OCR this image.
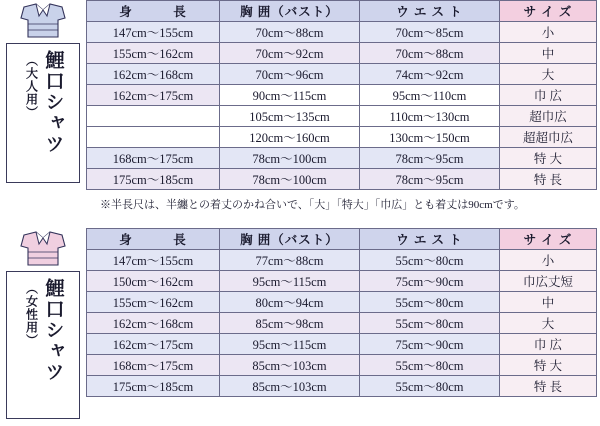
鯉口シャツ
（大人用）
身　　　長	胸 囲（バスト）	ウ エ ス ト	サ イ ズ
147cm〜155cm	70cm〜88cm	70cm〜85cm	小
155cm〜162cm	70cm〜92cm	70cm〜88cm	中
162cm〜168cm	70cm〜96cm	74cm〜92cm	大
162cm〜175cm	90cm〜115cm	95cm〜110cm	巾 広
	105cm〜135cm	110cm〜130cm	超巾広
	120cm〜160cm	130cm〜150cm	超超巾広
168cm〜175cm	78cm〜100cm	78cm〜95cm	特 大
175cm〜185cm	78cm〜100cm	78cm〜95cm	特 長
※半長尺は、半纏との着丈のかね合いで、「大」「特大」「巾広」とも着丈は90cmです。
鯉口シャツ
（女性用）
身　　　長	胸 囲（バスト）	ウ エ ス ト	サ イ ズ
147cm〜155cm	77cm〜88cm	55cm〜80cm	小
150cm〜162cm	95cm〜115cm	75cm〜90cm	巾広丈短
155cm〜162cm	80cm〜94cm	55cm〜80cm	中
162cm〜168cm	85cm〜98cm	55cm〜80cm	大
162cm〜175cm	95cm〜115cm	75cm〜90cm	巾 広
168cm〜175cm	85cm〜103cm	55cm〜80cm	特 大
175cm〜185cm	85cm〜103cm	55cm〜80cm	特 長
